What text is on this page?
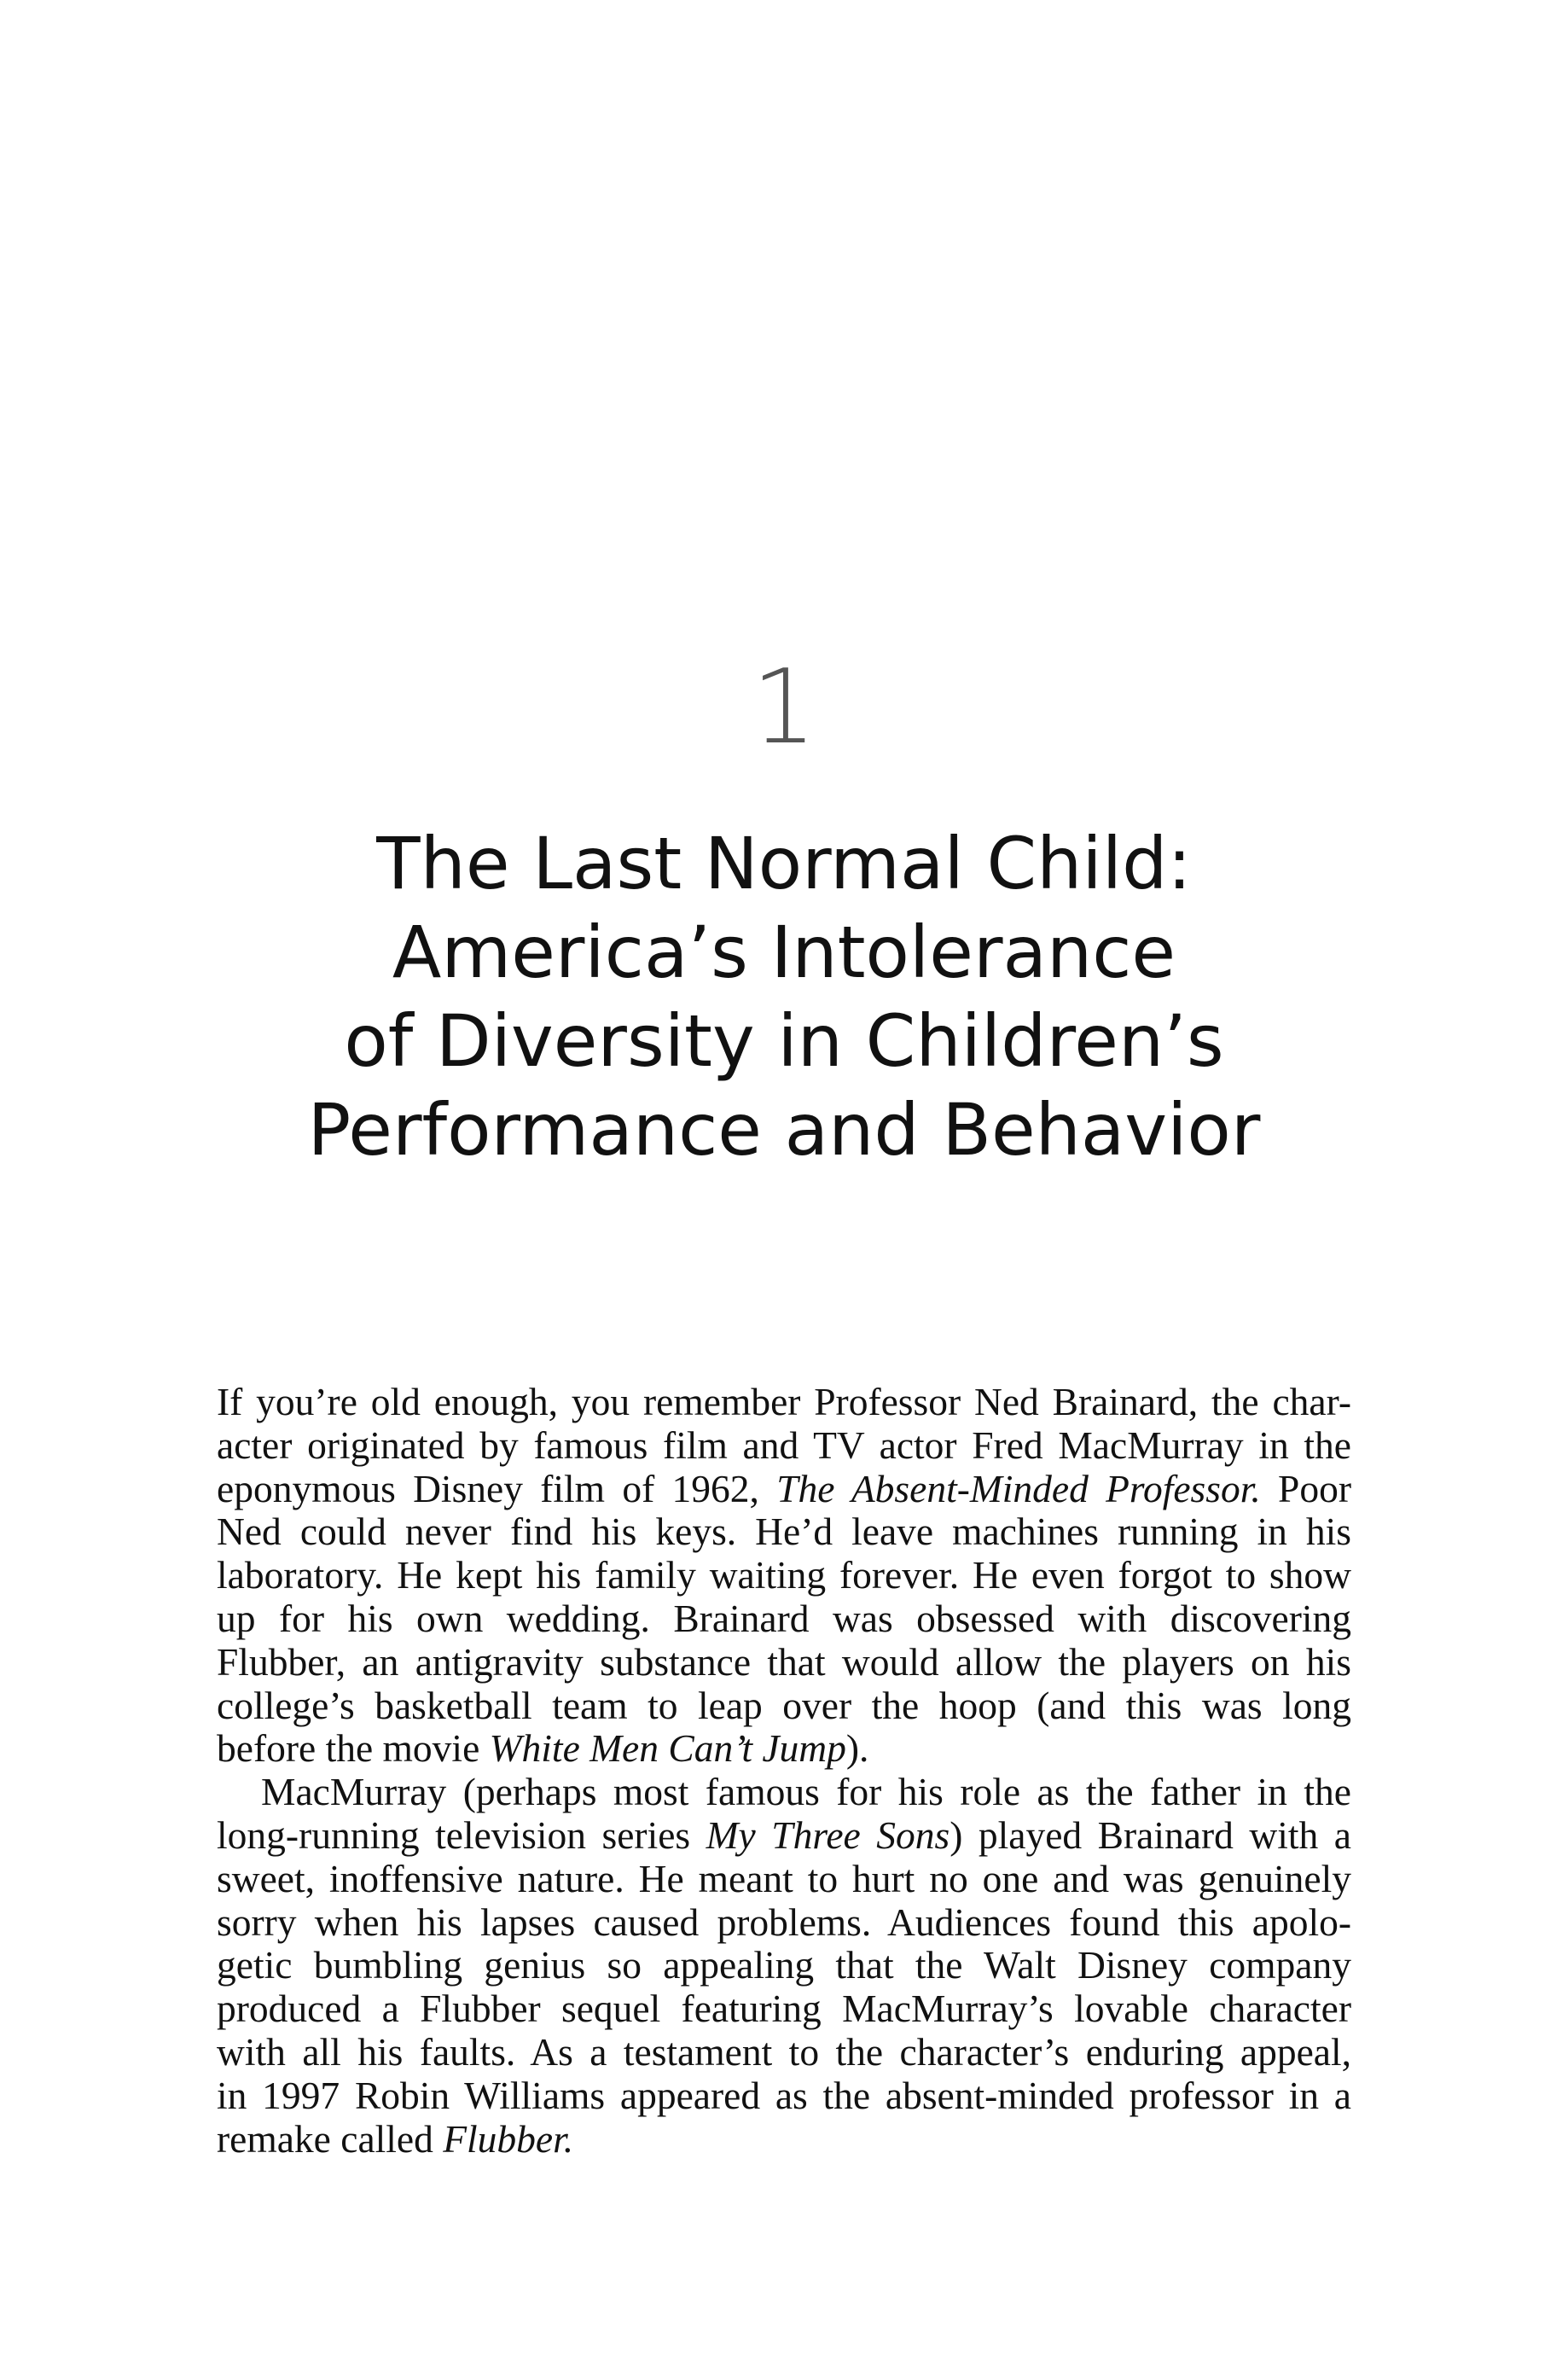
1
The Last Normal Child:
America’s Intolerance
of Diversity in Children’s
Performance and Behavior
If you’re old enough, you remember Professor Ned Brainard, the char-
acter originated by famous film and TV actor Fred MacMurray in the
eponymous Disney film of 1962, The Absent-Minded Professor. Poor
Ned could never find his keys. He’d leave machines running in his
laboratory. He kept his family waiting forever. He even forgot to show
up for his own wedding. Brainard was obsessed with discovering
Flubber, an antigravity substance that would allow the players on his
college’s basketball team to leap over the hoop (and this was long
before the movie White Men Can’t Jump).
MacMurray (perhaps most famous for his role as the father in the
long-running television series My Three Sons) played Brainard with a
sweet, inoffensive nature. He meant to hurt no one and was genuinely
sorry when his lapses caused problems. Audiences found this apolo-
getic bumbling genius so appealing that the Walt Disney company
produced a Flubber sequel featuring MacMurray’s lovable character
with all his faults. As a testament to the character’s enduring appeal,
in 1997 Robin Williams appeared as the absent-minded professor in a
remake called Flubber.
